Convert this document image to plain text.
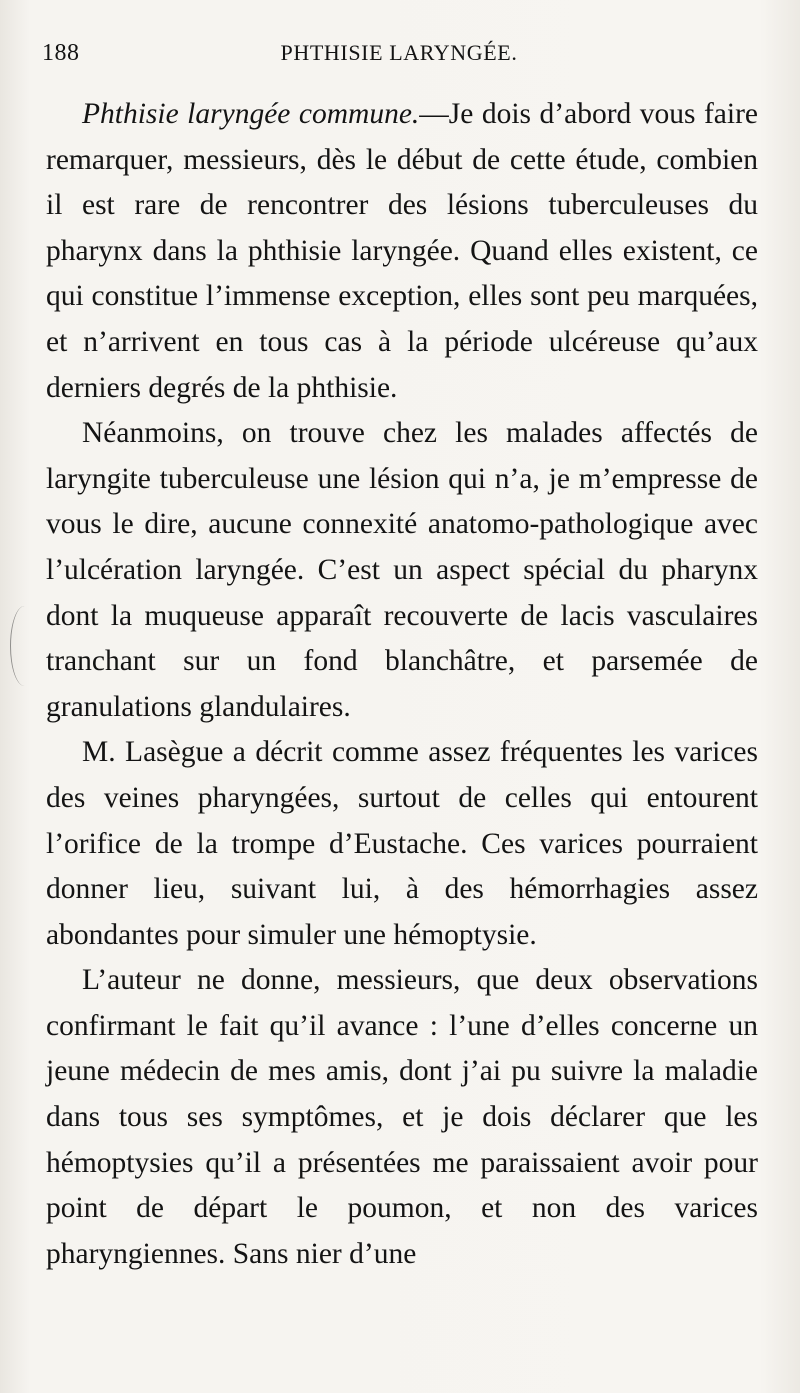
188	PHTHISIE LARYNGÉE.

Phthisie laryngée commune.—Je dois d’abord vous faire remarquer, messieurs, dès le début de cette étude, combien il est rare de rencontrer des lésions tuberculeuses du pharynx dans la phthisie laryngée. Quand elles existent, ce qui constitue l’immense exception, elles sont peu marquées, et n’arrivent en tous cas à la période ulcéreuse qu’aux derniers degrés de la phthisie.

Néanmoins, on trouve chez les malades affectés de laryngite tuberculeuse une lésion qui n’a, je m’empresse de vous le dire, aucune connexité anatomo-pathologique avec l’ulcération laryngée. C’est un aspect spécial du pharynx dont la muqueuse apparaît recouverte de lacis vasculaires tranchant sur un fond blanchâtre, et parsemée de granulations glandulaires.

M. Lasègue a décrit comme assez fréquentes les varices des veines pharyngées, surtout de celles qui entourent l’orifice de la trompe d’Eustache. Ces varices pourraient donner lieu, suivant lui, à des hémorrhagies assez abondantes pour simuler une hémoptysie.

L’auteur ne donne, messieurs, que deux observations confirmant le fait qu’il avance : l’une d’elles concerne un jeune médecin de mes amis, dont j’ai pu suivre la maladie dans tous ses symptômes, et je dois déclarer que les hémoptysies qu’il a présentées me paraissaient avoir pour point de départ le poumon, et non des varices pharyngiennes. Sans nier d’une
